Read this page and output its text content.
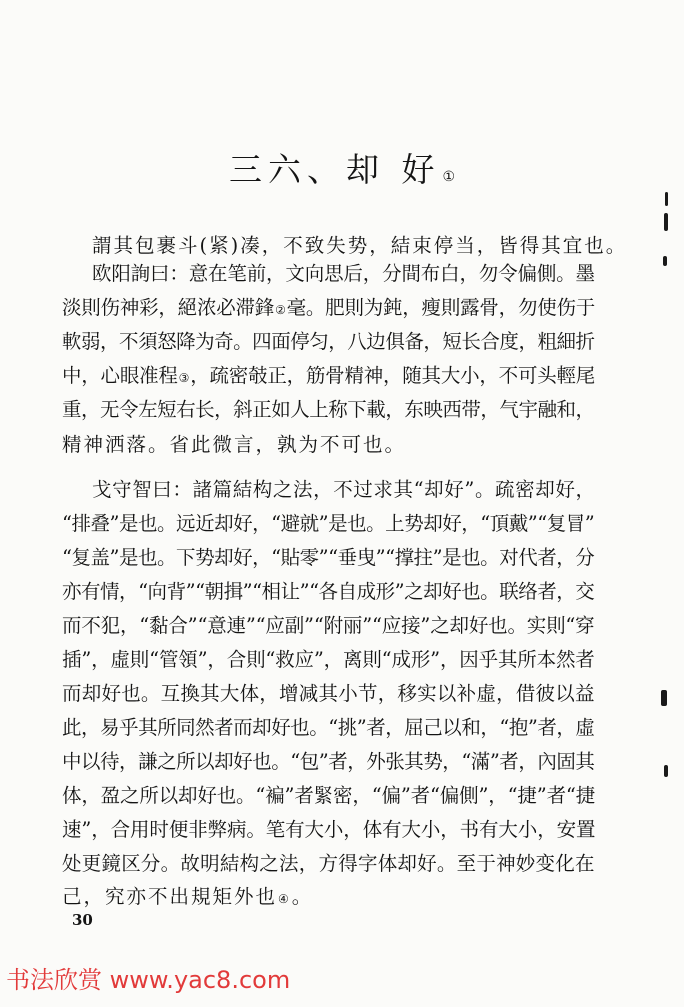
三六、却 好 ①
謂其包裹斗(紧)凑，不致失势，結束停当，皆得其宜也。
欧阳詢曰：意在笔前，文向思后，分間布白，勿令偏側。墨
淡則伤神彩，絕浓必滞鋒②毫。肥則为鈍，瘦則露骨，勿使伤于
軟弱，不須怒降为奇。四面停匀，八边俱备，短长合度，粗細折
中，心眼准程③，疏密攲正，筋骨精神，随其大小，不可头輕尾
重，无令左短右长，斜正如人上称下載，东映西带，气宇融和，
精神洒落。省此微言，孰为不可也。
戈守智曰：諸篇結构之法，不过求其“却好”。疏密却好，
“排叠”是也。远近却好，“避就”是也。上势却好，“頂戴”“复冒”
“复盖”是也。下势却好，“貼零”“垂曳”“撑拄”是也。对代者，分
亦有情，“向背”“朝揖”“相让”“各自成形”之却好也。联络者，交
而不犯，“黏合”“意連”“应副”“附丽”“应接”之却好也。实則“穿
插”，虛則“管領”，合則“救应”，离則“成形”，因乎其所本然者
而却好也。互換其大体，增减其小节，移实以补虛，借彼以益
此，易乎其所同然者而却好也。“挑”者，屈己以和，“抱”者，虛
中以待，謙之所以却好也。“包”者，外张其势，“滿”者，內固其
体，盈之所以却好也。“褊”者緊密，“偏”者“偏側”，“捷”者“捷
速”，合用时便非弊病。笔有大小，体有大小，书有大小，安置
处更鏡区分。故明結构之法，方得字体却好。至于神妙变化在
己，究亦不出規矩外也④。
30
书法欣赏 www.yac8.com
